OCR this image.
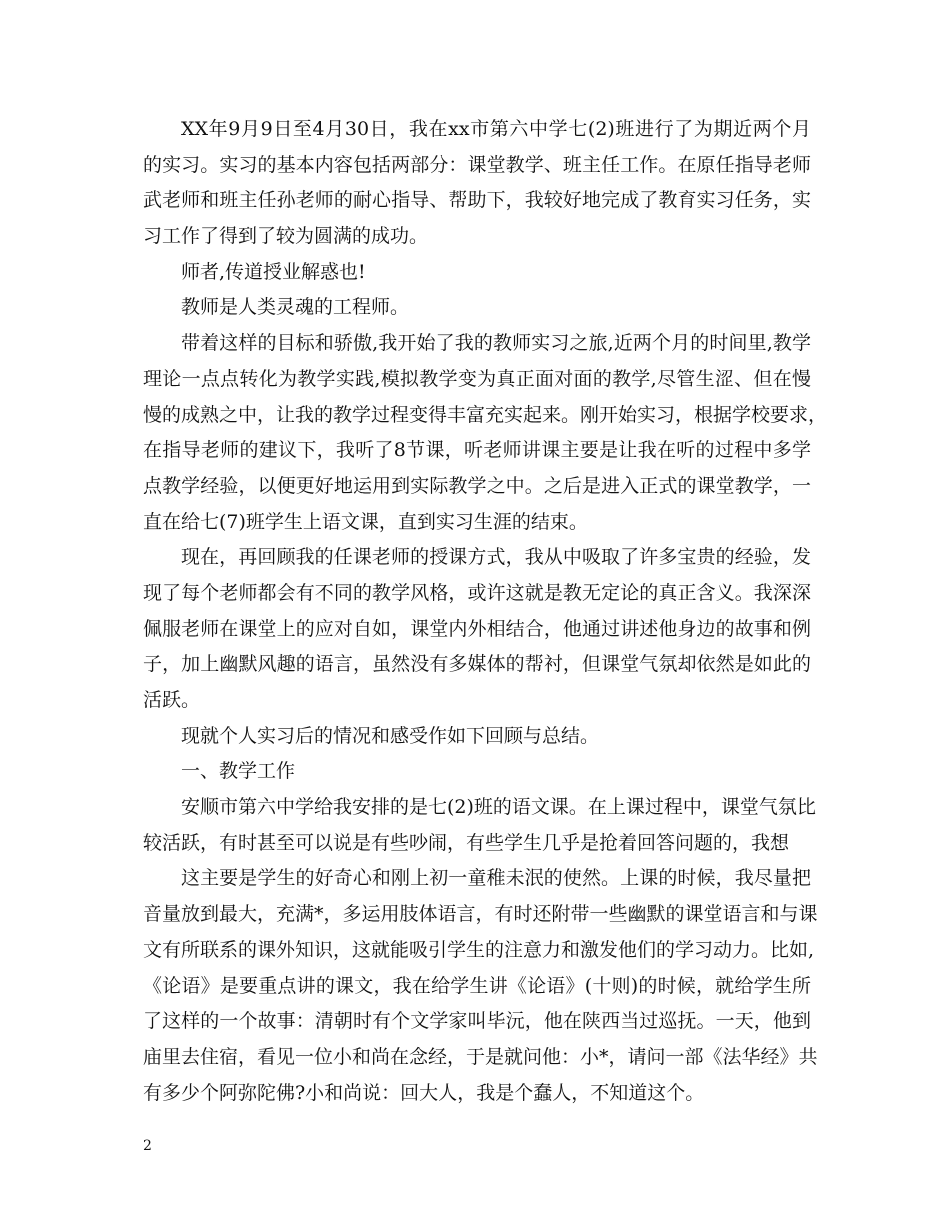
XX年9月9日至4月30日，我在xx市第六中学七(2)班进行了为期近两个月
的实习。实习的基本内容包括两部分：课堂教学、班主任工作。在原任指导老师
武老师和班主任孙老师的耐心指导、帮助下，我较好地完成了教育实习任务，实
习工作了得到了较为圆满的成功。
师者,传道授业解惑也!
教师是人类灵魂的工程师。
带着这样的目标和骄傲,我开始了我的教师实习之旅,近两个月的时间里,教学
理论一点点转化为教学实践,模拟教学变为真正面对面的教学,尽管生涩、但在慢
慢的成熟之中，让我的教学过程变得丰富充实起来。刚开始实习，根据学校要求，
在指导老师的建议下，我听了8节课，听老师讲课主要是让我在听的过程中多学
点教学经验，以便更好地运用到实际教学之中。之后是进入正式的课堂教学，一
直在给七(7)班学生上语文课，直到实习生涯的结束。
现在，再回顾我的任课老师的授课方式，我从中吸取了许多宝贵的经验，发
现了每个老师都会有不同的教学风格，或许这就是教无定论的真正含义。我深深
佩服老师在课堂上的应对自如，课堂内外相结合，他通过讲述他身边的故事和例
子，加上幽默风趣的语言，虽然没有多媒体的帮衬，但课堂气氛却依然是如此的
活跃。
现就个人实习后的情况和感受作如下回顾与总结。
一、教学工作
安顺市第六中学给我安排的是七(2)班的语文课。在上课过程中，课堂气氛比
较活跃，有时甚至可以说是有些吵闹，有些学生几乎是抢着回答问题的，我想
这主要是学生的好奇心和刚上初一童稚未泯的使然。上课的时候，我尽量把
音量放到最大，充满*，多运用肢体语言，有时还附带一些幽默的课堂语言和与课
文有所联系的课外知识，这就能吸引学生的注意力和激发他们的学习动力。比如,
《论语》是要重点讲的课文，我在给学生讲《论语》(十则)的时候，就给学生所
了这样的一个故事：清朝时有个文学家叫毕沅，他在陕西当过巡抚。一天，他到
庙里去住宿，看见一位小和尚在念经，于是就问他：小*，请问一部《法华经》共
有多少个阿弥陀佛?小和尚说：回大人，我是个蠢人，不知道这个。
2
